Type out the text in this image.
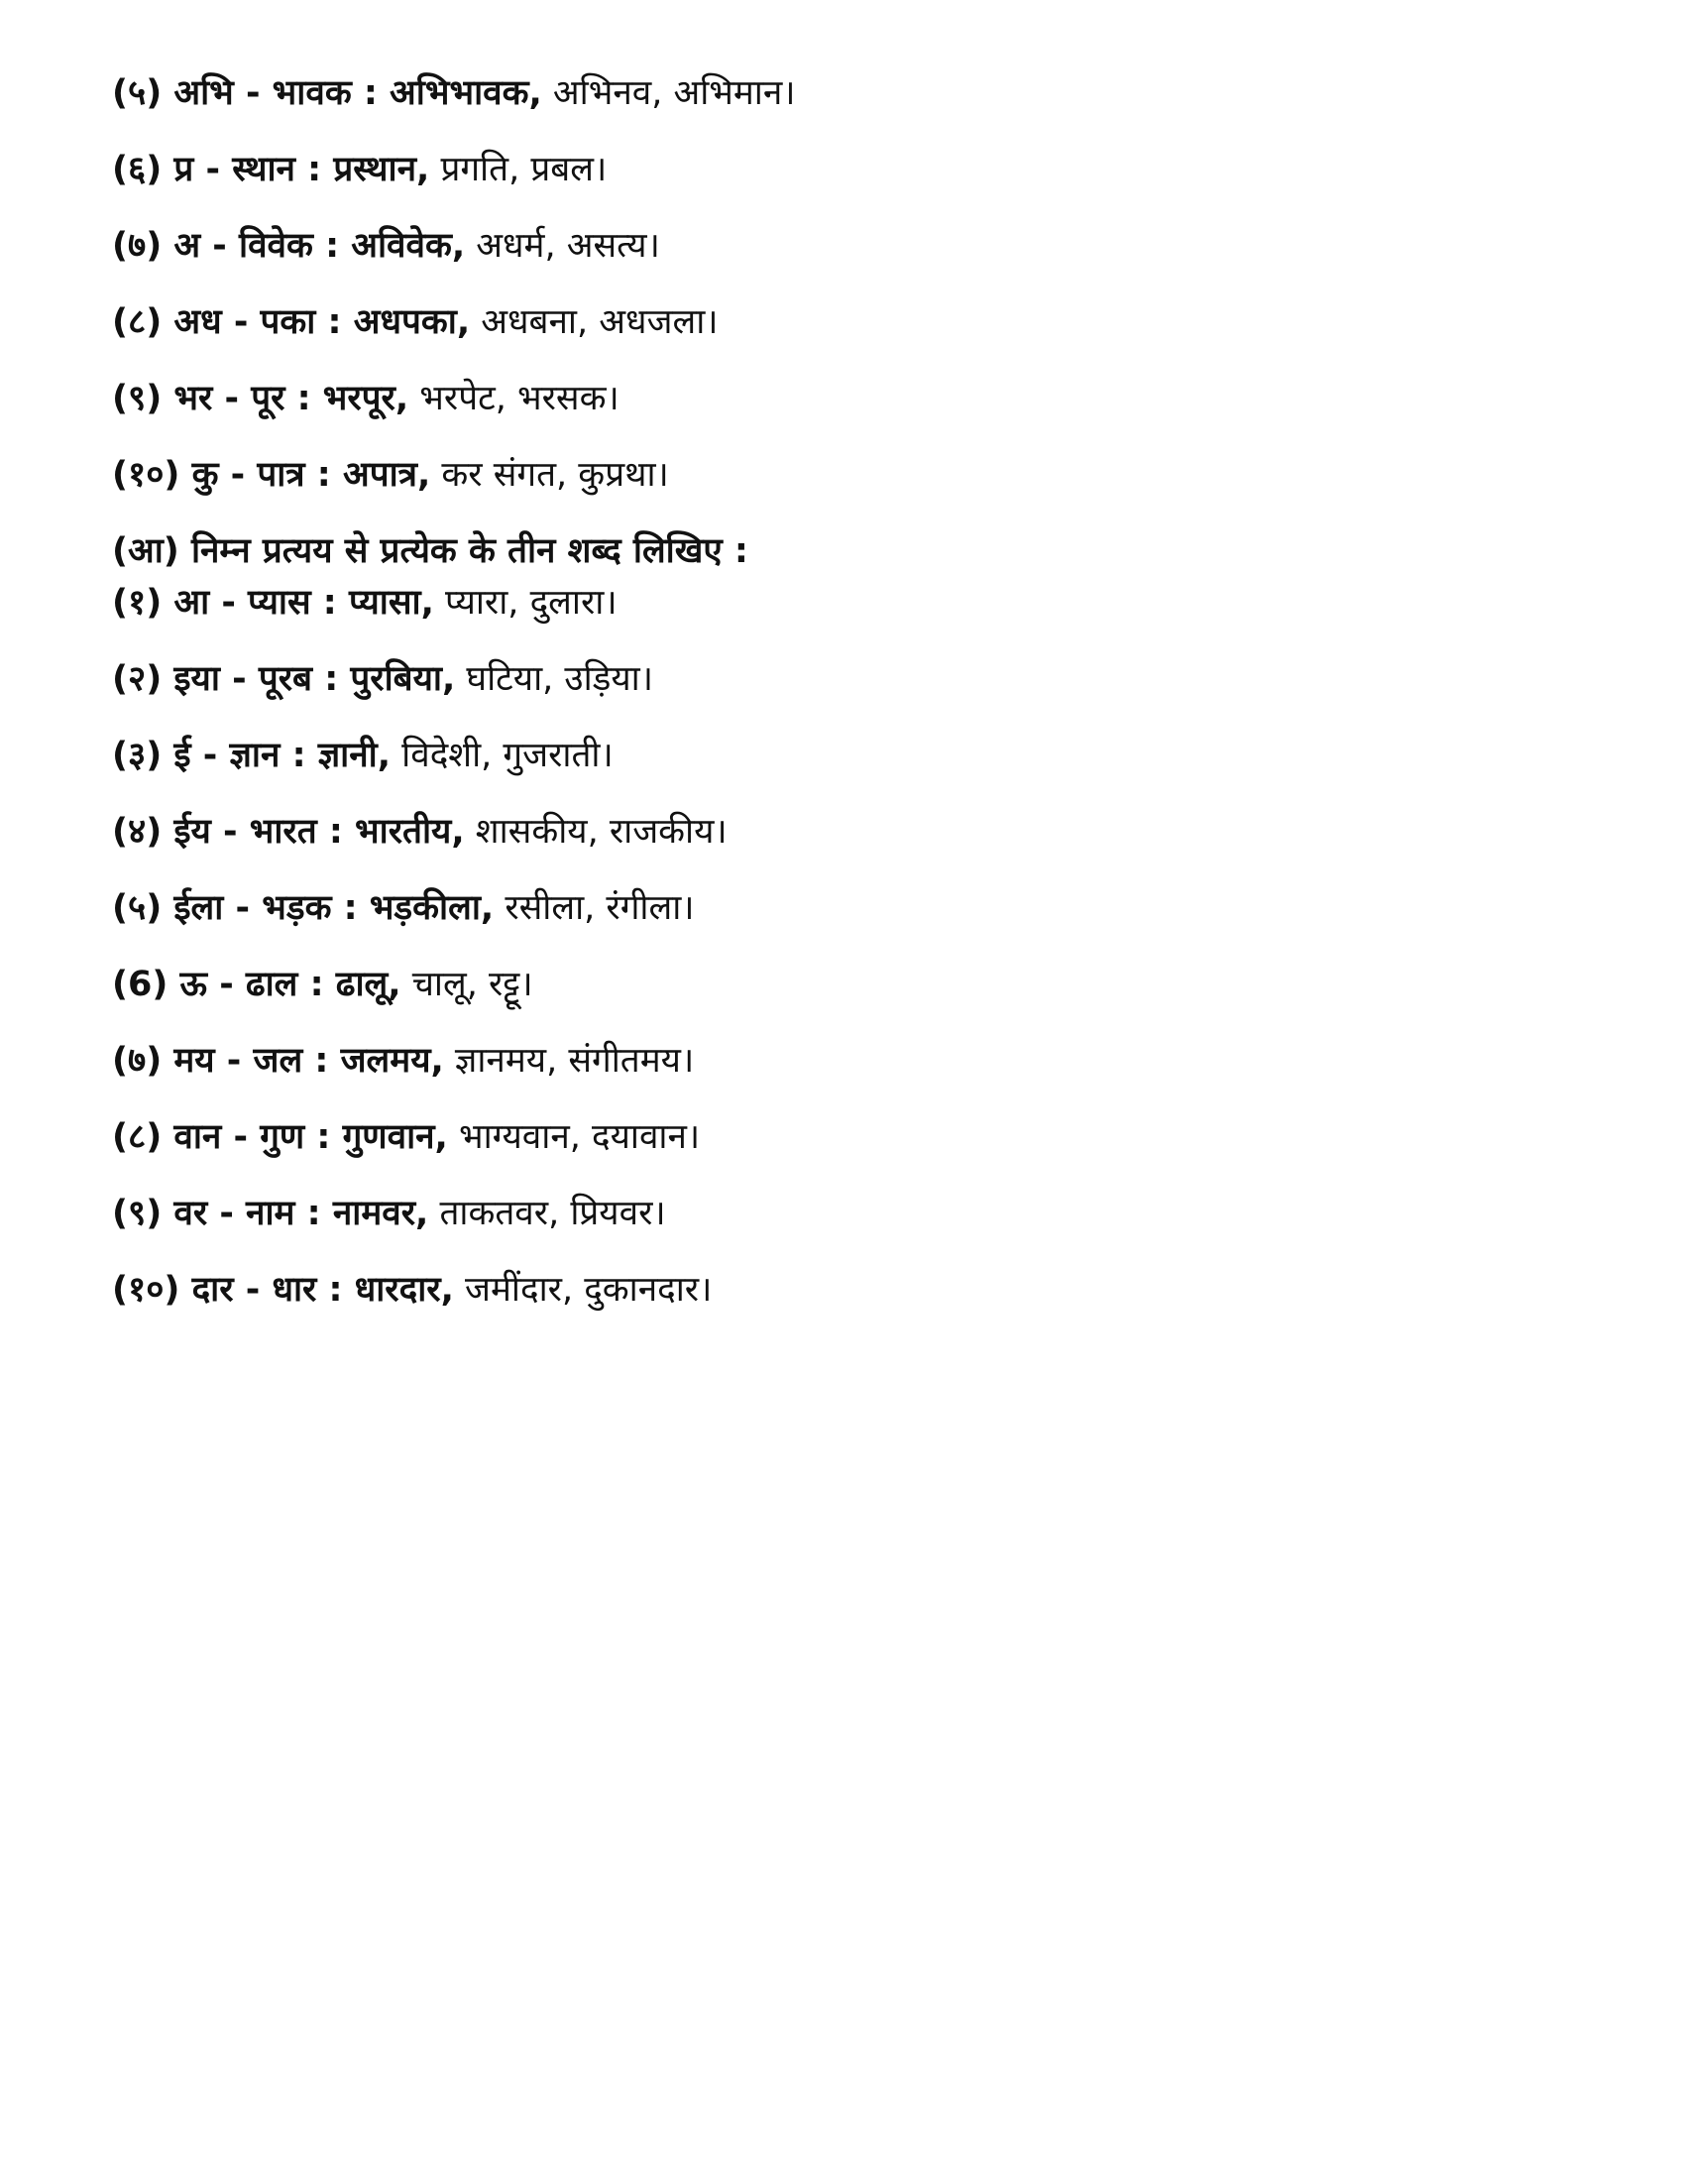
(५) अभि - भावक : अभिभावक, अभिनव, अभिमान।
(६) प्र - स्थान : प्रस्थान, प्रगति, प्रबल।
(७) अ - विवेक : अविवेक, अधर्म, असत्य।
(८) अध - पका : अधपका, अधबना, अधजला।
(९) भर - पूर : भरपूर, भरपेट, भरसक।
(१०) कु - पात्र : अपात्र, कर संगत, कुप्रथा।
(आ) निम्न प्रत्यय से प्रत्येक के तीन शब्द लिखिए :
(१) आ - प्यास : प्यासा, प्यारा, दुलारा।
(२) इया - पूरब : पुरबिया, घटिया, उड़िया।
(३) ई - ज्ञान : ज्ञानी, विदेशी, गुजराती।
(४) ईय - भारत : भारतीय, शासकीय, राजकीय।
(५) ईला - भड़क : भड़कीला, रसीला, रंगीला।
(6) ऊ - ढाल : ढालू, चालू, रट्टू।
(७) मय - जल : जलमय, ज्ञानमय, संगीतमय।
(८) वान - गुण : गुणवान, भाग्यवान, दयावान।
(९) वर - नाम : नामवर, ताकतवर, प्रियवर।
(१०) दार - धार : धारदार, जमींदार, दुकानदार।
